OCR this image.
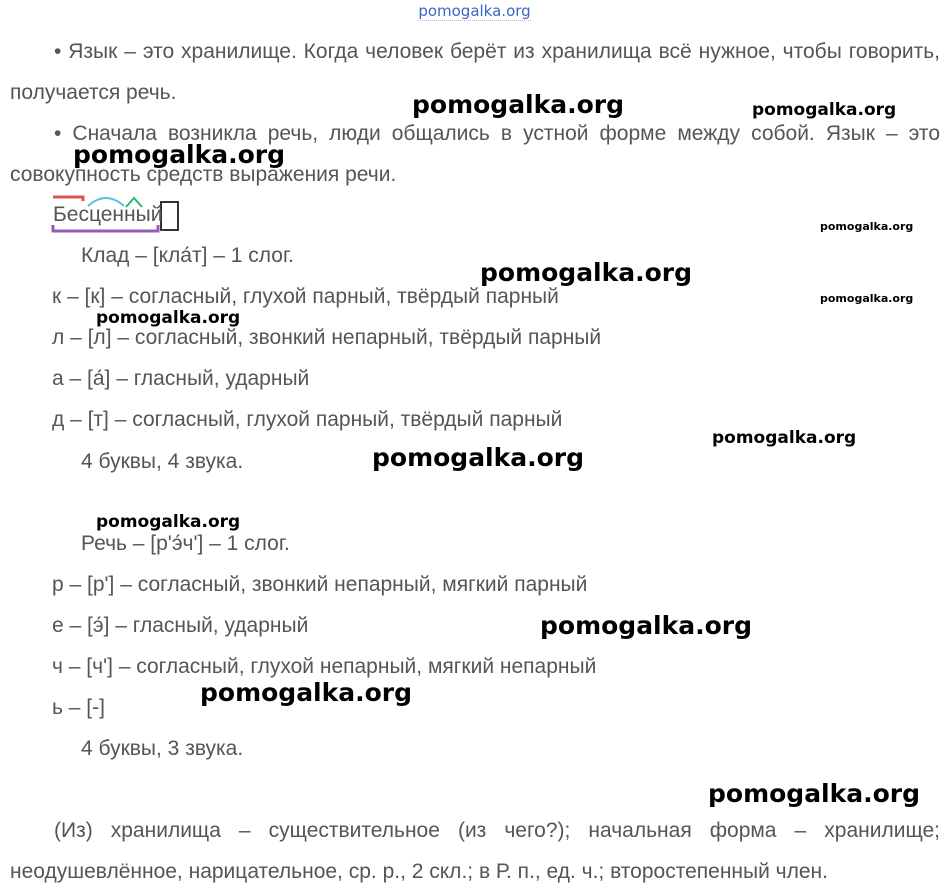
pomogalka.org
• Язык – это хранилище. Когда человек берёт из хранилища всё нужное, чтобы говорить, получается речь.
• Сначала возникла речь, люди общались в устной форме между собой. Язык – это совокупность средств выражения речи.
Бесценный
Клад – [кла́т] – 1 слог.
к – [к] – согласный, глухой парный, твёрдый парный
л – [л] – согласный, звонкий непарный, твёрдый парный
а – [а́] – гласный, ударный
д – [т] – согласный, глухой парный, твёрдый парный
4 буквы, 4 звука.
Речь – [р'э́ч'] – 1 слог.
р – [р'] – согласный, звонкий непарный, мягкий парный
е – [э́] – гласный, ударный
ч – [ч'] – согласный, глухой непарный, мягкий непарный
ь – [-]
4 буквы, 3 звука.
(Из) хранилища – существительное (из чего?); начальная форма – хранилище; неодушевлённое, нарицательное, ср. р., 2 скл.; в Р. п., ед. ч.; второстепенный член.
pomogalka.org	pomogalka.org
pomogalka.org
pomogalka.org
pomogalka.org
pomogalka.org
pomogalka.org
pomogalka.org
pomogalka.org
pomogalka.org
pomogalka.org
pomogalka.org
pomogalka.org
